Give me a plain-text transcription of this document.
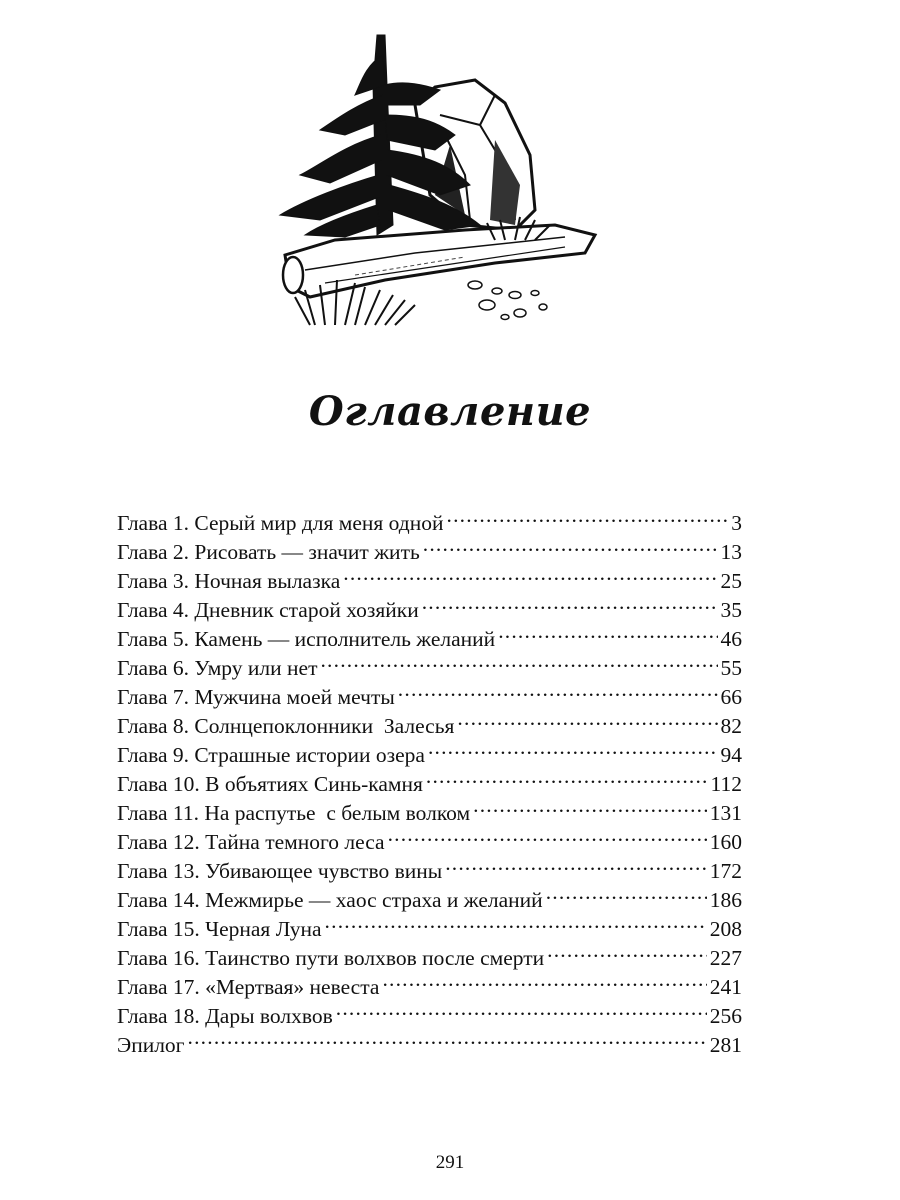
Оглавление
Глава 1. Серый мир для меня одной .....	3
Глава 2. Рисовать — значит жить .....	13
Глава 3. Ночная вылазка .....	25
Глава 4. Дневник старой хозяйки .....	35
Глава 5. Камень — исполнитель желаний .....	46
Глава 6. Умру или нет .....	55
Глава 7. Мужчина моей мечты .....	66
Глава 8. Солнцепоклонники  Залесья .....	82
Глава 9. Страшные истории озера .....	94
Глава 10. В объятиях Синь-камня .....	112
Глава 11. На распутье  с белым волком .....	131
Глава 12. Тайна темного леса .....	160
Глава 13. Убивающее чувство вины .....	172
Глава 14. Межмирье — хаос страха и желаний .....	186
Глава 15. Черная Луна .....	208
Глава 16. Таинство пути волхвов после смерти .....	227
Глава 17. «Мертвая» невеста .....	241
Глава 18. Дары волхвов .....	256
Эпилог .....	281
291
